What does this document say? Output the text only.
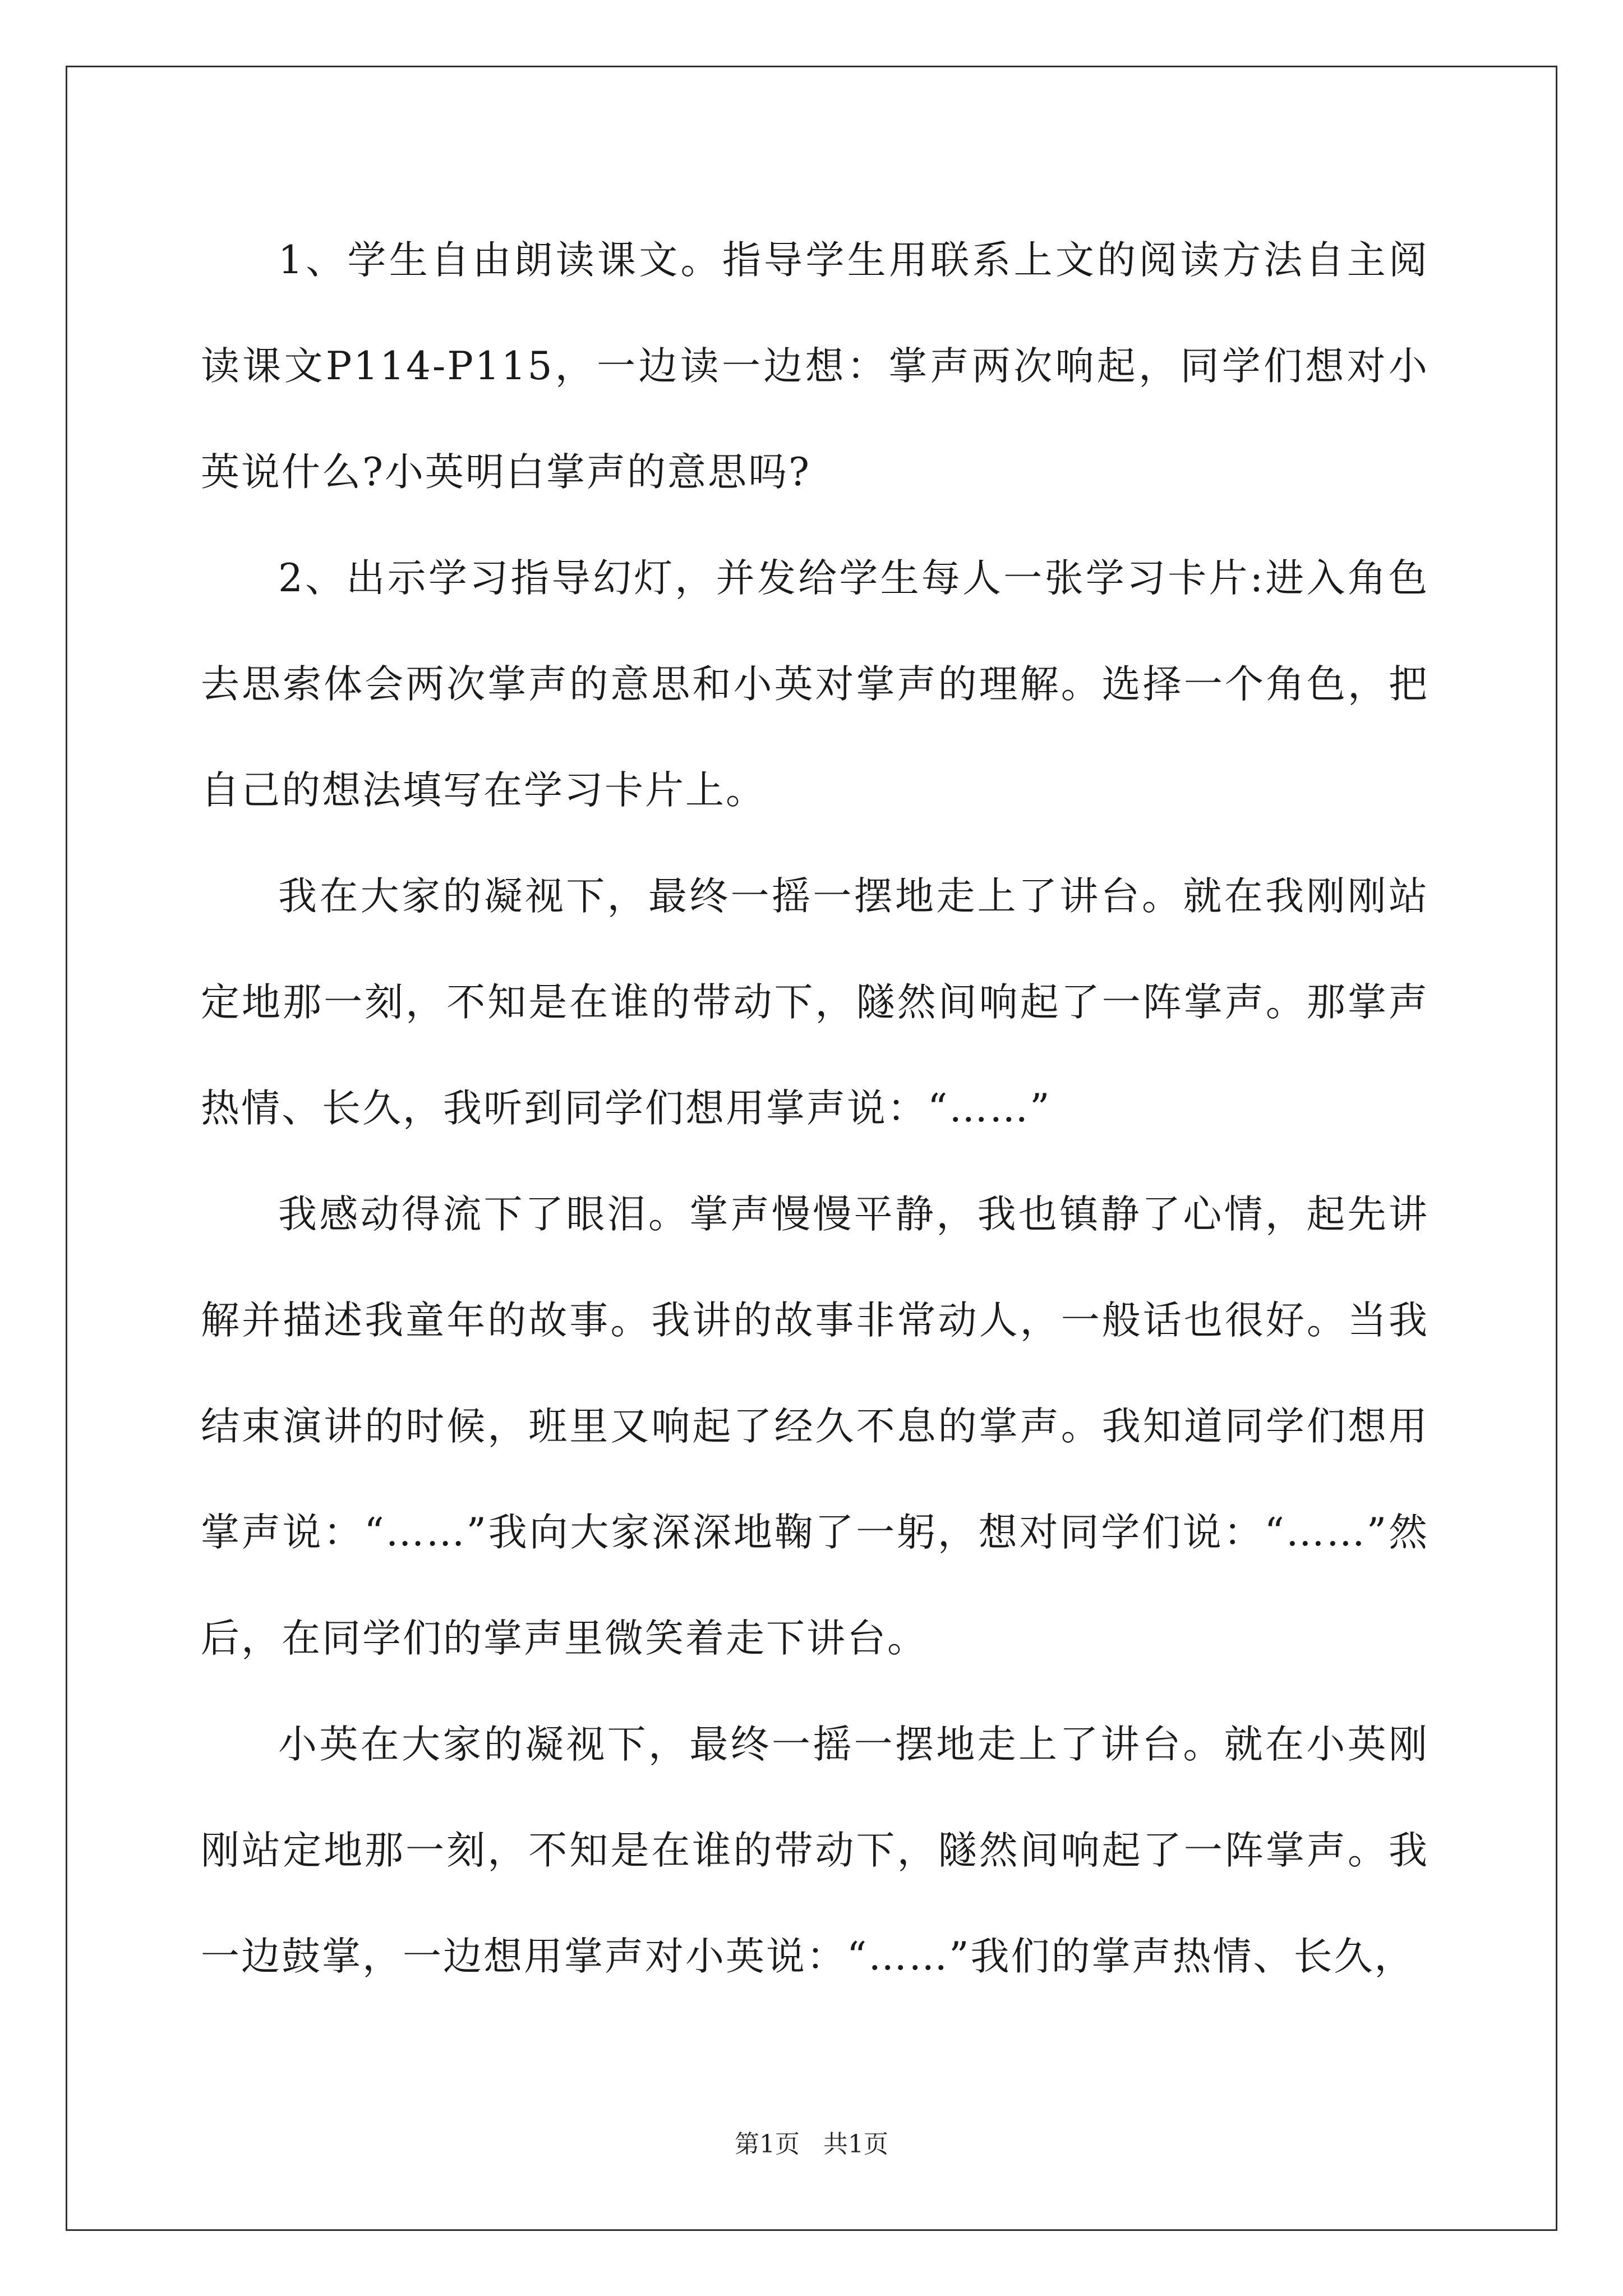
1、学生自由朗读课文。指导学生用联系上文的阅读方法自主阅读课文P114-P115，一边读一边想：掌声两次响起，同学们想对小英说什么?小英明白掌声的意思吗?

2、出示学习指导幻灯，并发给学生每人一张学习卡片:进入角色去思索体会两次掌声的意思和小英对掌声的理解。选择一个角色，把自己的想法填写在学习卡片上。

我在大家的凝视下，最终一摇一摆地走上了讲台。就在我刚刚站定地那一刻，不知是在谁的带动下，隧然间响起了一阵掌声。那掌声热情、长久，我听到同学们想用掌声说：“……”

我感动得流下了眼泪。掌声慢慢平静，我也镇静了心情，起先讲解并描述我童年的故事。我讲的故事非常动人，一般话也很好。当我结束演讲的时候，班里又响起了经久不息的掌声。我知道同学们想用掌声说：“……”我向大家深深地鞠了一躬，想对同学们说：“……”然后，在同学们的掌声里微笑着走下讲台。

小英在大家的凝视下，最终一摇一摆地走上了讲台。就在小英刚刚站定地那一刻，不知是在谁的带动下，隧然间响起了一阵掌声。我一边鼓掌，一边想用掌声对小英说：“……”我们的掌声热情、长久，

第1页 共1页
